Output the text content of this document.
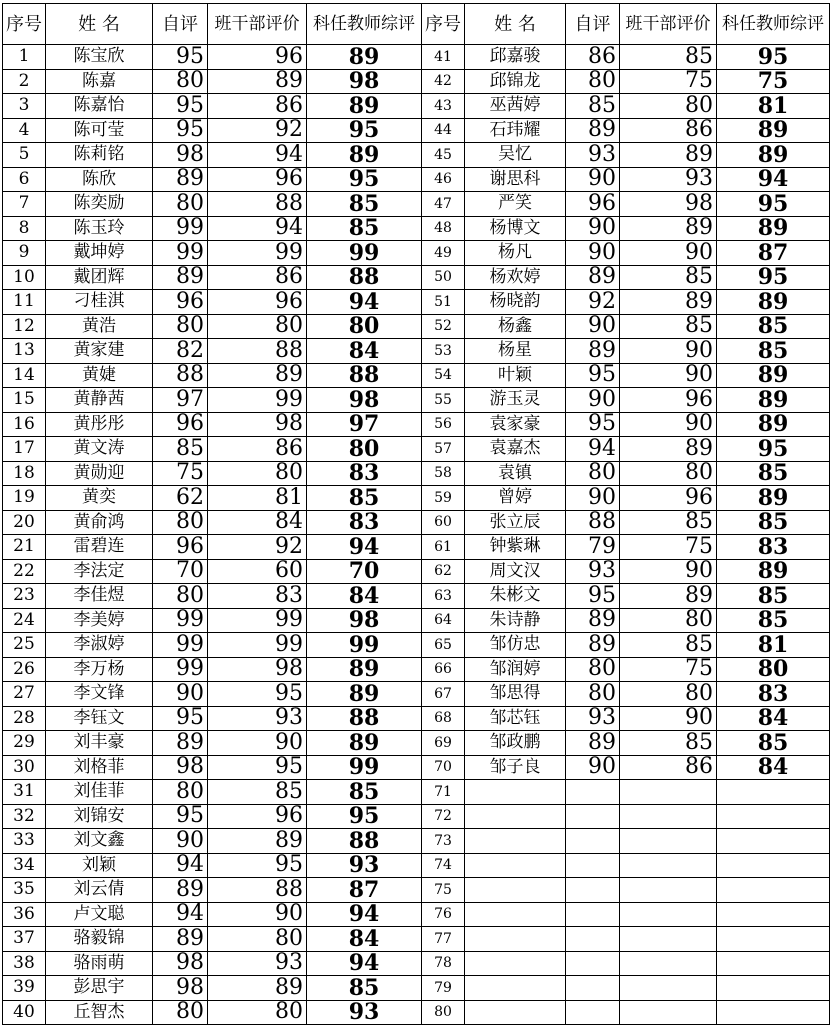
序号	姓 名	自评	班干部评价	科任教师综评	序号	姓 名	自评	班干部评价	科任教师综评
1	陈宝欣	95	96	89	41	邱嘉骏	86	85	95
2	陈嘉	80	89	98	42	邱锦龙	80	75	75
3	陈嘉怡	95	86	89	43	巫茜婷	85	80	81
4	陈可莹	95	92	95	44	石玮耀	89	86	89
5	陈莉铭	98	94	89	45	吴忆	93	89	89
6	陈欣	89	96	95	46	谢思科	90	93	94
7	陈奕励	80	88	85	47	严笑	96	98	95
8	陈玉玲	99	94	85	48	杨博文	90	89	89
9	戴坤婷	99	99	99	49	杨凡	90	90	87
10	戴团辉	89	86	88	50	杨欢婷	89	85	95
11	刁桂淇	96	96	94	51	杨晓韵	92	89	89
12	黄浩	80	80	80	52	杨鑫	90	85	85
13	黄家建	82	88	84	53	杨星	89	90	85
14	黄婕	88	89	88	54	叶颖	95	90	89
15	黄静茜	97	99	98	55	游玉灵	90	96	89
16	黄彤彤	96	98	97	56	袁家豪	95	90	89
17	黄文涛	85	86	80	57	袁嘉杰	94	89	95
18	黄勋迎	75	80	83	58	袁镇	80	80	85
19	黄奕	62	81	85	59	曾婷	90	96	89
20	黄俞鸿	80	84	83	60	张立辰	88	85	85
21	雷碧连	96	92	94	61	钟紫琳	79	75	83
22	李法定	70	60	70	62	周文汉	93	90	89
23	李佳煜	80	83	84	63	朱彬文	95	89	85
24	李美婷	99	99	98	64	朱诗静	89	80	85
25	李淑婷	99	99	99	65	邹仿忠	89	85	81
26	李万杨	99	98	89	66	邹润婷	80	75	80
27	李文锋	90	95	89	67	邹思得	80	80	83
28	李钰文	95	93	88	68	邹芯钰	93	90	84
29	刘丰豪	89	90	89	69	邹政鹏	89	85	85
30	刘格菲	98	95	99	70	邹子良	90	86	84
31	刘佳菲	80	85	85	71				
32	刘锦安	95	96	95	72				
33	刘文鑫	90	89	88	73				
34	刘颖	94	95	93	74				
35	刘云倩	89	88	87	75				
36	卢文聪	94	90	94	76				
37	骆毅锦	89	80	84	77				
38	骆雨萌	98	93	94	78				
39	彭思宇	98	89	85	79				
40	丘智杰	80	80	93	80				
